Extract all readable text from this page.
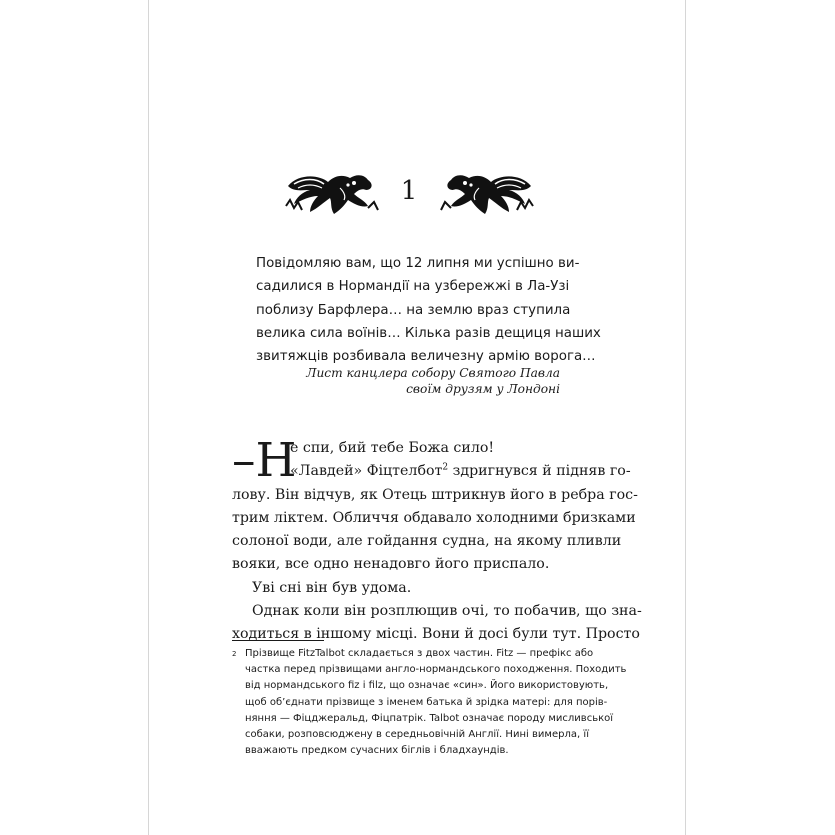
1
Повідомляю вам, що 12 липня ми успішно ви-
садилися в Нормандії на узбережжі в Ла-Узі
поблизу Барфлера… на землю враз ступила
велика сила воїнів… Кілька разів дещиця наших
звитяжців розбивала величезну армію ворога…
Лист канцлера собору Святого Павла
своїм друзям у Лондоні
–Н
е спи, бий тебе Божа сило!
«Лавдей» Фіцтелбот$^2$ здригнувся й підняв го-
лову. Він відчув, як Отець штрикнув його в ребра гос-
трим ліктем. Обличчя обдавало холодними бризками
солоної води, але гойдання судна, на якому пливли
вояки, все одно ненадовго його приспало.
Уві сні він був удома.
Однак коли він розплющив очі, то побачив, що зна-
ходиться в іншому місці. Вони й досі були тут. Просто
2 Прізвище FitzTalbot складається з двох частин. Fitz — префікс або
частка перед прізвищами англо-нормандського походження. Походить
від нормандського fiz і filz, що означає «син». Його використовують,
щоб об’єднати прізвище з іменем батька й зрідка матері: для порів-
няння — Фіцджеральд, Фіцпатрік. Talbot означає породу мисливської
собаки, розповсюджену в середньовічній Англії. Нині вимерла, її
вважають предком сучасних біглів і бладхаундів.
